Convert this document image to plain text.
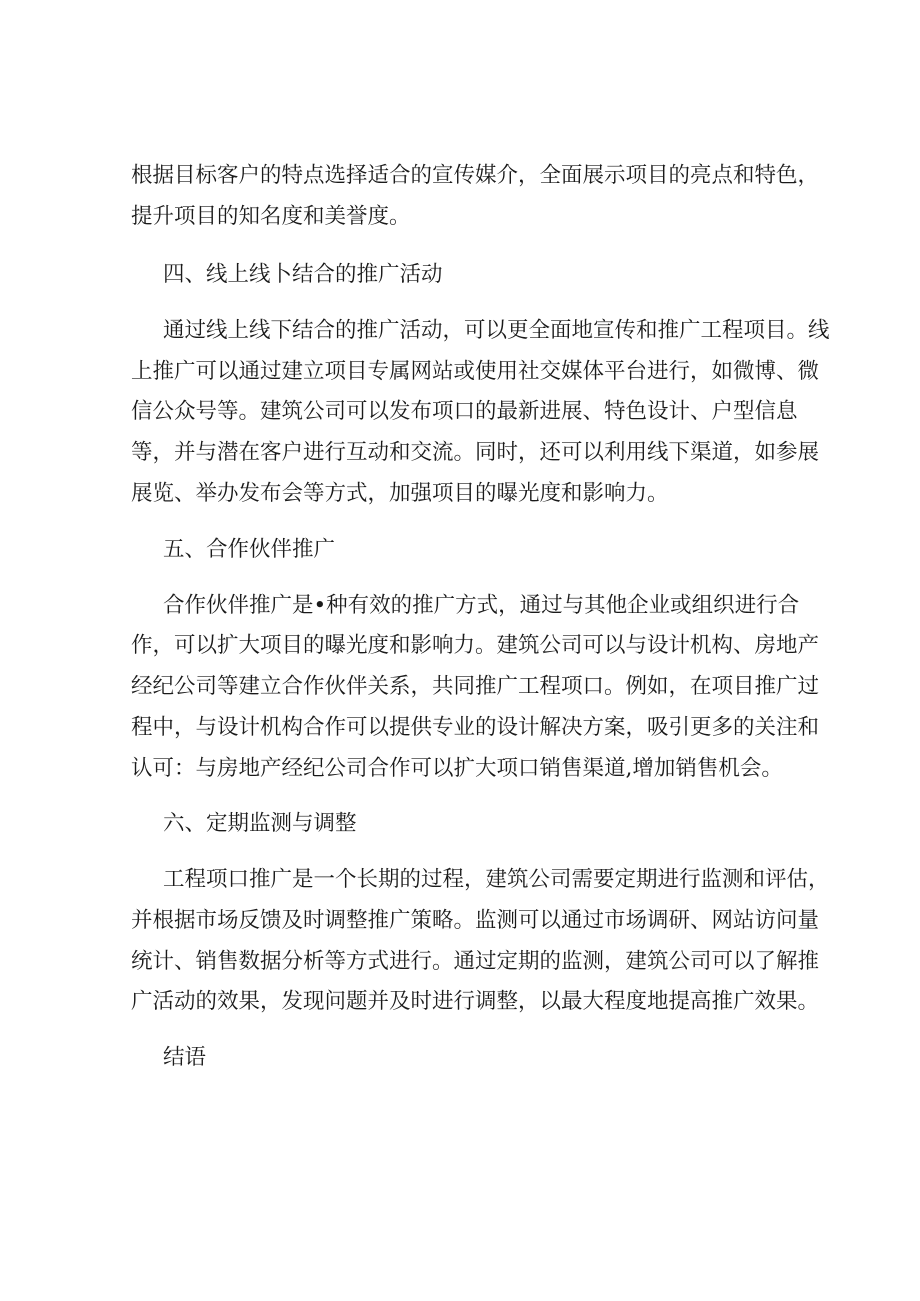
根据目标客户的特点选择适合的宣传媒介，全面展示项目的亮点和特色，
提升项目的知名度和美誉度。
四、线上线卜结合的推广活动
通过线上线下结合的推广活动，可以更全面地宣传和推广工程项目。线
上推广可以通过建立项目专属网站或使用社交媒体平台进行，如微博、微
信公众号等。建筑公司可以发布项口的最新进展、特色设计、户型信息
等，并与潜在客户进行互动和交流。同时，还可以利用线下渠道，如参展
展览、举办发布会等方式，加强项目的曝光度和影响力。
五、合作伙伴推广
合作伙伴推广是•种有效的推广方式，通过与其他企业或组织进行合
作，可以扩大项目的曝光度和影响力。建筑公司可以与设计机构、房地产
经纪公司等建立合作伙伴关系，共同推广工程项口。例如，在项目推广过
程中，与设计机构合作可以提供专业的设计解决方案，吸引更多的关注和
认可：与房地产经纪公司合作可以扩大项口销售渠道,增加销售机会。
六、定期监测与调整
工程项口推广是一个长期的过程，建筑公司需要定期进行监测和评估，
并根据市场反馈及时调整推广策略。监测可以通过市场调研、网站访问量
统计、销售数据分析等方式进行。通过定期的监测，建筑公司可以了解推
广活动的效果，发现问题并及时进行调整，以最大程度地提高推广效果。
结语
